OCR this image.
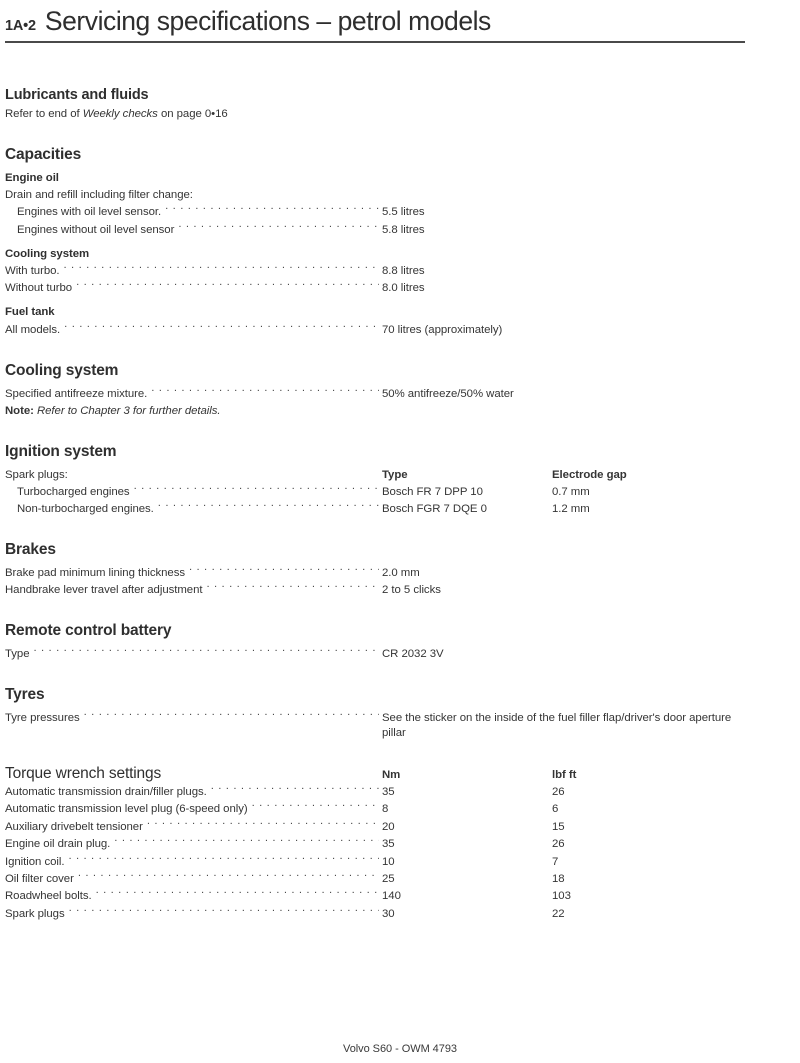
1A•2 Servicing specifications – petrol models
Lubricants and fluids
Refer to end of Weekly checks on page 0•16
Capacities
Engine oil
Drain and refill including filter change:
Engines with oil level sensor. . . .	5.5 litres
Engines without oil level sensor . . .	5.8 litres
Cooling system
With turbo. . . .	8.8 litres
Without turbo . . .	8.0 litres
Fuel tank
All models. . . .	70 litres (approximately)
Cooling system
Specified antifreeze mixture. . . .	50% antifreeze/50% water
Note: Refer to Chapter 3 for further details.
Ignition system
Spark plugs:	Type	Electrode gap
Turbocharged engines . . .	Bosch FR 7 DPP 10	0.7 mm
Non-turbocharged engines. . . .	Bosch FGR 7 DQE 0	1.2 mm
Brakes
Brake pad minimum lining thickness . . .	2.0 mm
Handbrake lever travel after adjustment . . .	2 to 5 clicks
Remote control battery
Type . . .	CR 2032 3V
Tyres
Tyre pressures . . .	See the sticker on the inside of the fuel filler flap/driver's door aperture pillar
Torque wrench settings	Nm	lbf ft
Automatic transmission drain/filler plugs. . . .	35	26
Automatic transmission level plug (6-speed only) . . .	8	6
Auxiliary drivebelt tensioner . . .	20	15
Engine oil drain plug. . . .	35	26
Ignition coil. . . .	10	7
Oil filter cover . . .	25	18
Roadwheel bolts. . . .	140	103
Spark plugs . . .	30	22
Volvo S60 - OWM 4793
